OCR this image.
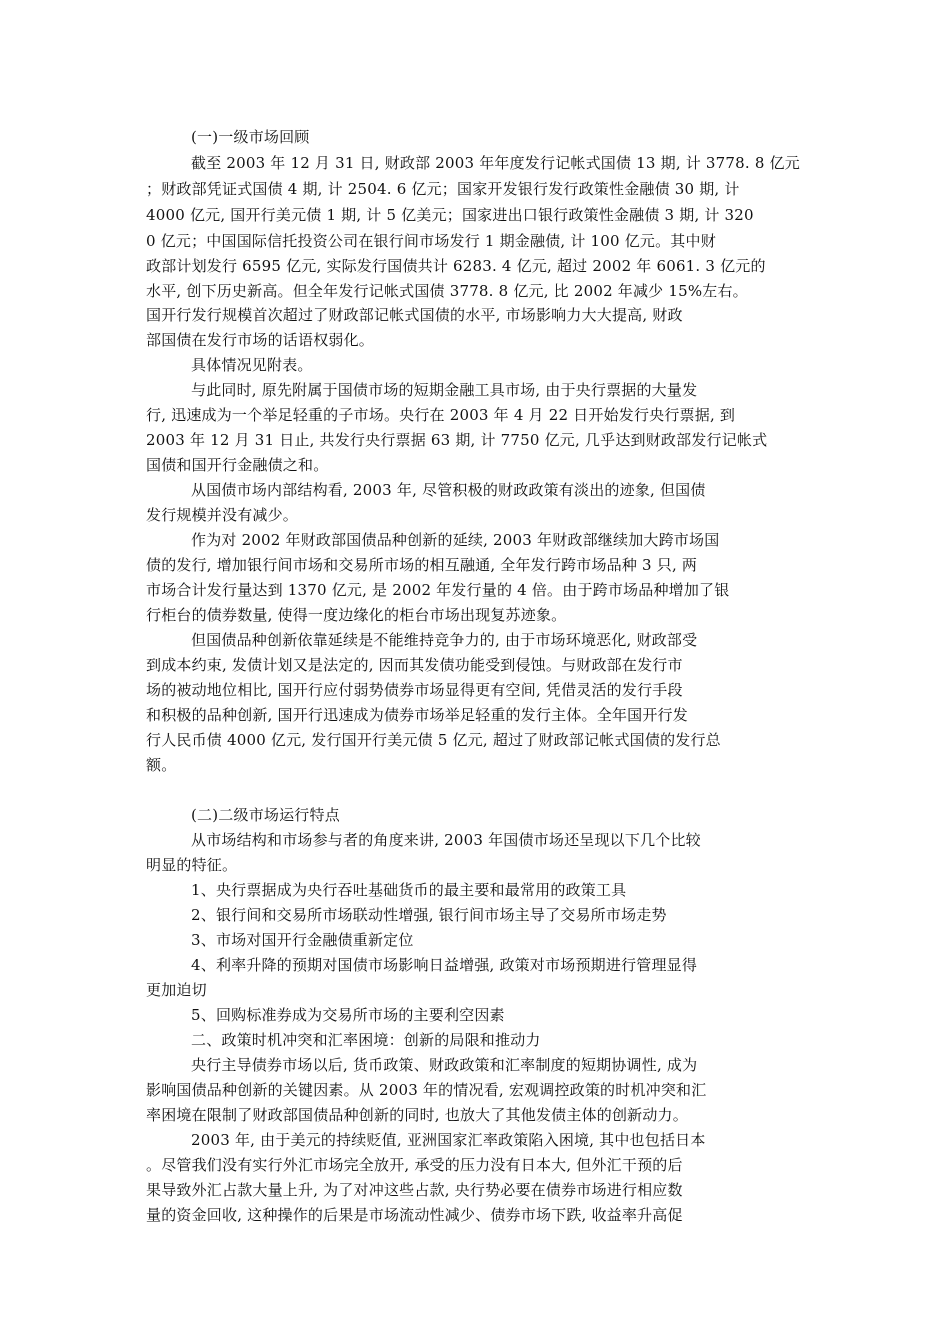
(一)一级市场回顾
截至 2003 年 12 月 31 日, 财政部 2003 年年度发行记帐式国债 13 期, 计 3778. 8 亿元
；财政部凭证式国债 4 期, 计 2504. 6 亿元；国家开发银行发行政策性金融债 30 期, 计
4000 亿元, 国开行美元债 1 期, 计 5 亿美元；国家进出口银行政策性金融债 3 期, 计 320
0 亿元；中国国际信托投资公司在银行间市场发行 1 期金融债, 计 100 亿元。其中财
政部计划发行 6595 亿元, 实际发行国债共计 6283. 4 亿元, 超过 2002 年 6061. 3 亿元的
水平, 创下历史新高。但全年发行记帐式国债 3778. 8 亿元, 比 2002 年减少 15%左右。
国开行发行规模首次超过了财政部记帐式国债的水平, 市场影响力大大提高, 财政
部国债在发行市场的话语权弱化。
具体情况见附表。
与此同时, 原先附属于国债市场的短期金融工具市场, 由于央行票据的大量发
行, 迅速成为一个举足轻重的子市场。央行在 2003 年 4 月 22 日开始发行央行票据, 到
2003 年 12 月 31 日止, 共发行央行票据 63 期, 计 7750 亿元, 几乎达到财政部发行记帐式
国债和国开行金融债之和。
从国债市场内部结构看, 2003 年, 尽管积极的财政政策有淡出的迹象, 但国债
发行规模并没有减少。
作为对 2002 年财政部国债品种创新的延续, 2003 年财政部继续加大跨市场国
债的发行, 增加银行间市场和交易所市场的相互融通, 全年发行跨市场品种 3 只, 两
市场合计发行量达到 1370 亿元, 是 2002 年发行量的 4 倍。由于跨市场品种增加了银
行柜台的债券数量, 使得一度边缘化的柜台市场出现复苏迹象。
但国债品种创新依靠延续是不能维持竞争力的, 由于市场环境恶化, 财政部受
到成本约束, 发债计划又是法定的, 因而其发债功能受到侵蚀。与财政部在发行市
场的被动地位相比, 国开行应付弱势债券市场显得更有空间, 凭借灵活的发行手段
和积极的品种创新, 国开行迅速成为债券市场举足轻重的发行主体。全年国开行发
行人民币债 4000 亿元, 发行国开行美元债 5 亿元, 超过了财政部记帐式国债的发行总
额。
(二)二级市场运行特点
从市场结构和市场参与者的角度来讲, 2003 年国债市场还呈现以下几个比较
明显的特征。
1、央行票据成为央行吞吐基础货币的最主要和最常用的政策工具
2、银行间和交易所市场联动性增强, 银行间市场主导了交易所市场走势
3、市场对国开行金融债重新定位
4、利率升降的预期对国债市场影响日益增强, 政策对市场预期进行管理显得
更加迫切
5、回购标准券成为交易所市场的主要利空因素
二、政策时机冲突和汇率困境：创新的局限和推动力
央行主导债券市场以后, 货币政策、财政政策和汇率制度的短期协调性, 成为
影响国债品种创新的关键因素。从 2003 年的情况看, 宏观调控政策的时机冲突和汇
率困境在限制了财政部国债品种创新的同时, 也放大了其他发债主体的创新动力。
2003 年, 由于美元的持续贬值, 亚洲国家汇率政策陷入困境, 其中也包括日本
。尽管我们没有实行外汇市场完全放开, 承受的压力没有日本大, 但外汇干预的后
果导致外汇占款大量上升, 为了对冲这些占款, 央行势必要在债券市场进行相应数
量的资金回收, 这种操作的后果是市场流动性减少、债券市场下跌, 收益率升高促
